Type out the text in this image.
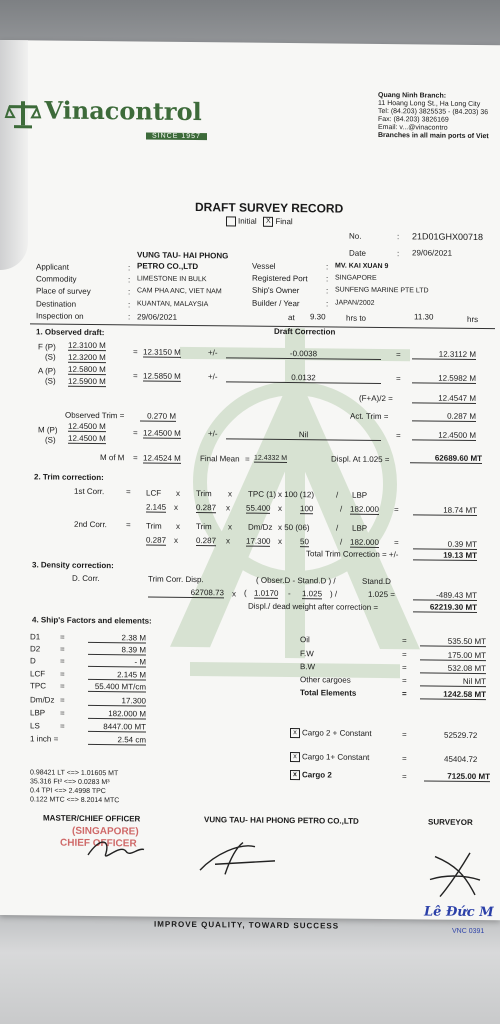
Vinacontrol
SINCE 1957
Quang Ninh Branch:
11 Hoang Long St., Ha Long City
Tel: (84.203) 3825535 - (84.203) 36
Fax: (84.203) 3826169
Email: v...@vinacontro
Branches in all main ports of Viet
DRAFT SURVEY RECORD
Initial X Final
No.	: 21D01GHX00718
Date	: 29/06/2021
VUNG TAU- HAI PHONG
Applicant	: PETRO CO.,LTD
Commodity	: LIMESTONE IN BULK
Place of survey	: CAM PHA ANC, VIET NAM
Destination	: KUANTAN, MALAYSIA
Inspection on	: 29/06/2021
Vessel	: MV. KAI XUAN 9
Registered Port : SINGAPORE
Ship's Owner	: SUNFENG MARINE PTE LTD
Builder / Year	: JAPAN/2002
at 9.30	hrs to	11.30	hrs
1. Observed draft:	Draft Correction
F (P) 12.3100 M
(S) 12.3200 M
= 12.3150 M	+/-	-0.0038	=	12.3112 M
A (P) 12.5800 M
(S) 12.5900 M
= 12.5850 M	+/-	0.0132	=	12.5982 M
(F+A)/2 =	12.4547 M
Observed Trim =	0.270 M	Act. Trim =	0.287 M
M (P) 12.4500 M
(S) 12.4500 M
= 12.4500 M	+/-	Nil	=	12.4500 M
M of M = 12.4524 M Final Mean = 12.4332 M	Displ. At 1.025 =	62689.60 MT
2. Trim correction:
1st Corr.	= LCF x Trim x TPC (1) x 100 (12)	/ LBP
2.145 x 0.287 x 55.400 x 100	/ 182.000 =	18.74 MT
2nd Corr. = Trim x Trim x Dm/Dz x 50 (06)	/ LBP
0.287 x 0.287 x 17.300 x 50	/ 182.000 =	0.39 MT
Total Trim Correction = +/-	19.13 MT
3. Density correction:
D. Corr.	Trim Corr. Disp.	( Obser.D - Stand.D ) /	Stand.D
62708.73 x ( 1.0170 - 1.025 ) /	1.025 =	-489.43 MT
Displ./ dead weight after correction =	62219.30 MT
4. Ship's Factors and elements:
D1 =	2.38 M
D2 =	8.39 M
D	=	- M
LCF =	2.145 M
TPC =	55.400 MT/cm
Dm/Dz =	17.300
LBP =	182.000 M
LS	=	8447.00 MT
1 inch =	2.54 cm
Oil	=	535.50 MT
F.W	=	175.00 MT
B.W	=	532.08 MT
Other cargoes	=	Nil MT
Total Elements	=	1242.58 MT
x Cargo 2 + Constant	=	52529.72
x Cargo 1+ Constant	=	45404.72
x Cargo 2	=	7125.00 MT
0.98421 LT <=> 1.01605 MT
35.316 Ft³ <=> 0.0283 M³
0.4 TPI <=> 2.4998 TPC
0.122 MTC <=> 8.2014 MTC
MASTER/CHIEF OFFICER	VUNG TAU- HAI PHONG PETRO CO.,LTD	SURVEYOR
(SINGAPORE)
CHIEF OFFICER
Lê Đức M
VNC 0391
IMPROVE QUALITY, TOWARD SUCCESS
